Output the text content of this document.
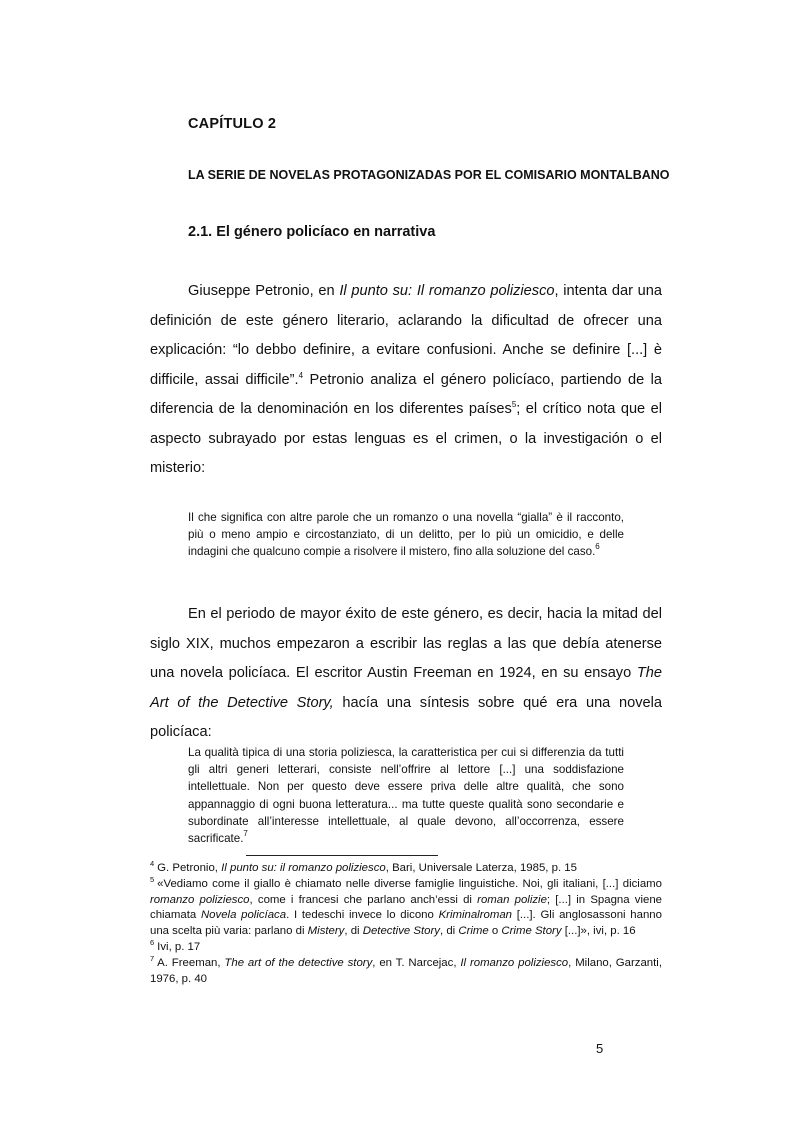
CAPÍTULO 2
LA SERIE DE NOVELAS PROTAGONIZADAS POR EL COMISARIO MONTALBANO
2.1. El género policíaco en narrativa
Giuseppe Petronio, en Il punto su: Il romanzo poliziesco, intenta dar una definición de este género literario, aclarando la dificultad de ofrecer una explicación: “lo debbo definire, a evitare confusioni. Anche se definire [...] è difficile, assai difficile”.$^4$ Petronio analiza el género policíaco, partiendo de la diferencia de la denominación en los diferentes países$^5$; el crítico nota que el aspecto subrayado por estas lenguas es el crimen, o la investigación o el misterio:
Il che significa con altre parole che un romanzo o una novella “gialla” è il racconto, più o meno ampio e circostanziato, di un delitto, per lo più un omicidio, e delle indagini che qualcuno compie a risolvere il mistero, fino alla soluzione del caso.$^6$
En el periodo de mayor éxito de este género, es decir, hacia la mitad del siglo XIX, muchos empezaron a escribir las reglas a las que debía atenerse una novela policíaca. El escritor Austin Freeman en 1924, en su ensayo The Art of the Detective Story, hacía una síntesis sobre qué era una novela policíaca:
La qualità tipica di una storia poliziesca, la caratteristica per cui si differenzia da tutti gli altri generi letterari, consiste nell’offrire al lettore [...] una soddisfazione intellettuale. Non per questo deve essere priva delle altre qualità, che sono appannaggio di ogni buona letteratura... ma tutte queste qualità sono secondarie e subordinate all’interesse intellettuale, al quale devono, all’occorrenza, essere sacrificate.$^7$
$^4$ G. Petronio, Il punto su: il romanzo poliziesco, Bari, Universale Laterza, 1985, p. 15
$^5$ «Vediamo come il giallo è chiamato nelle diverse famiglie linguistiche. Noi, gli italiani, [...] diciamo romanzo poliziesco, come i francesi che parlano anch’essi di roman polizie; [...] in Spagna viene chiamata Novela policíaca. I tedeschi invece lo dicono Kriminalroman [...]. Gli anglosassoni hanno una scelta più varia: parlano di Mistery, di Detective Story, di Crime o Crime Story [...]», ivi, p. 16
$^6$ Ivi, p. 17
$^7$ A. Freeman, The art of the detective story, en T. Narcejac, Il romanzo poliziesco, Milano, Garzanti, 1976, p. 40
5
